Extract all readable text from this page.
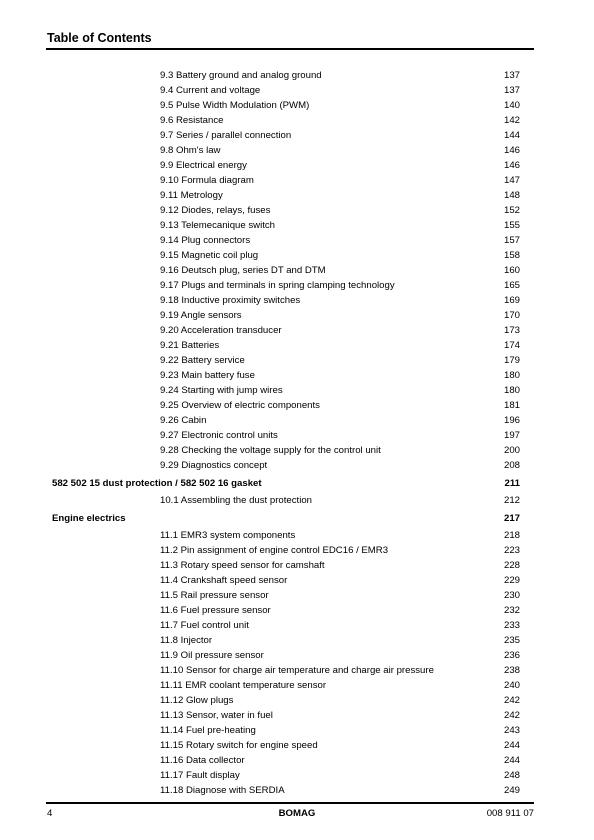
Table of Contents
9.3 Battery ground and analog ground	137
9.4 Current and voltage	137
9.5 Pulse Width Modulation (PWM)	140
9.6 Resistance	142
9.7 Series / parallel connection	144
9.8 Ohm's law	146
9.9 Electrical energy	146
9.10 Formula diagram	147
9.11 Metrology	148
9.12 Diodes, relays, fuses	152
9.13 Telemecanique switch	155
9.14 Plug connectors	157
9.15 Magnetic coil plug	158
9.16 Deutsch plug, series DT and DTM	160
9.17 Plugs and terminals in spring clamping technology	165
9.18 Inductive proximity switches	169
9.19 Angle sensors	170
9.20 Acceleration transducer	173
9.21 Batteries	174
9.22 Battery service	179
9.23 Main battery fuse	180
9.24 Starting with jump wires	180
9.25 Overview of electric components	181
9.26 Cabin	196
9.27 Electronic control units	197
9.28 Checking the voltage supply for the control unit	200
9.29 Diagnostics concept	208
582 502 15 dust protection / 582 502 16 gasket	211
10.1 Assembling the dust protection	212
Engine electrics	217
11.1 EMR3 system components	218
11.2 Pin assignment of engine control EDC16 / EMR3	223
11.3 Rotary speed sensor for camshaft	228
11.4 Crankshaft speed sensor	229
11.5 Rail pressure sensor	230
11.6 Fuel pressure sensor	232
11.7 Fuel control unit	233
11.8 Injector	235
11.9 Oil pressure sensor	236
11.10 Sensor for charge air temperature and charge air pressure	238
11.11 EMR coolant temperature sensor	240
11.12 Glow plugs	242
11.13 Sensor, water in fuel	242
11.14 Fuel pre-heating	243
11.15 Rotary switch for engine speed	244
11.16 Data collector	244
11.17 Fault display	248
11.18 Diagnose with SERDIA	249
4	BOMAG	008 911 07
